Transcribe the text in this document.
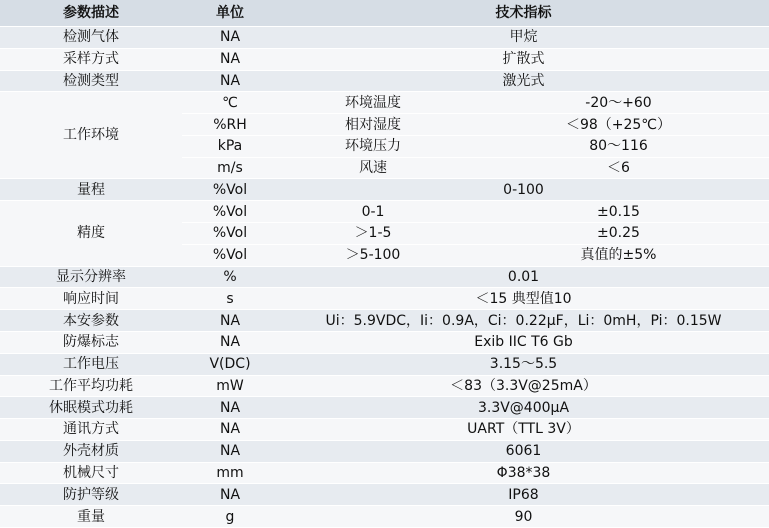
参数描述	单位	技术指标	
检测气体	NA	甲烷	
采样方式	NA	扩散式	
检测类型	NA	激光式	
工作环境	℃	环境温度	-20～+60
	%RH	相对湿度	＜98（+25℃）
	kPa	环境压力	80～116
	m/s	风速	＜6
量程	%Vol	0-100	
精度	%Vol	0-1	±0.15
	%Vol	＞1-5	±0.25
	%Vol	＞5-100	真值的±5%
显示分辨率	%	0.01	
响应时间	s	＜15 典型值10	
本安参数	NA	Ui：5.9VDC，Ii：0.9A，Ci：0.22μF，Li：0mH，Pi：0.15W	
防爆标志	NA	Exib IIC T6 Gb	
工作电压	V(DC)	3.15～5.5	
工作平均功耗	mW	＜83（3.3V@25mA）	
休眠模式功耗	NA	3.3V@400μA	
通讯方式	NA	UART（TTL 3V）	
外壳材质	NA	6061	
机械尺寸	mm	Φ38*38	
防护等级	NA	IP68	
重量	g	90	
